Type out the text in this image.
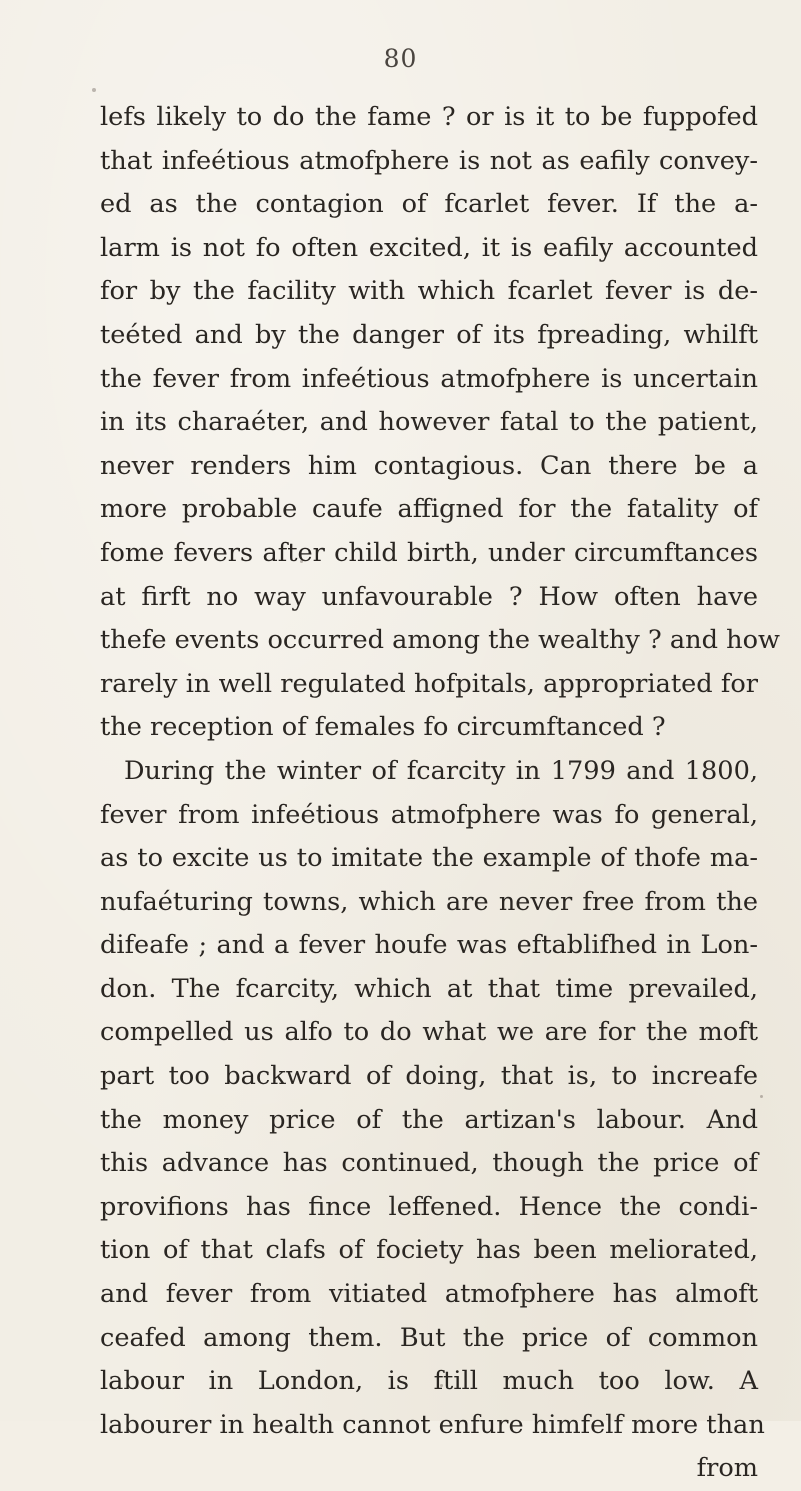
80
lefs likely to do the fame ? or is it to be fuppofed
that infeétious atmofphere is not as eafily convey-
ed as the contagion of fcarlet fever. If the a-
larm is not fo often excited, it is eafily accounted
for by the facility with which fcarlet fever is de-
teéted and by the danger of its fpreading, whilft
the fever from infeétious atmofphere is uncertain
in its charaéter, and however fatal to the patient,
never renders him contagious. Can there be a
more probable caufe affigned for the fatality of
fome fevers after child birth, under circumftances
at firft no way unfavourable ? How often have
thefe events occurred among the wealthy ? and how
rarely in well regulated hofpitals, appropriated for
the reception of females fo circumftanced ?
During the winter of fcarcity in 1799 and 1800,
fever from infeétious atmofphere was fo general,
as to excite us to imitate the example of thofe ma-
nufaéturing towns, which are never free from the
difeafe ; and a fever houfe was eftablifhed in Lon-
don. The fcarcity, which at that time prevailed,
compelled us alfo to do what we are for the moft
part too backward of doing, that is, to increafe
the money price of the artizan's labour. And
this advance has continued, though the price of
provifions has fince leffened. Hence the condi-
tion of that clafs of fociety has been meliorated,
and fever from vitiated atmofphere has almoft
ceafed among them. But the price of common
labour in London, is ftill much too low. A
labourer in health cannot enfure himfelf more than
from
